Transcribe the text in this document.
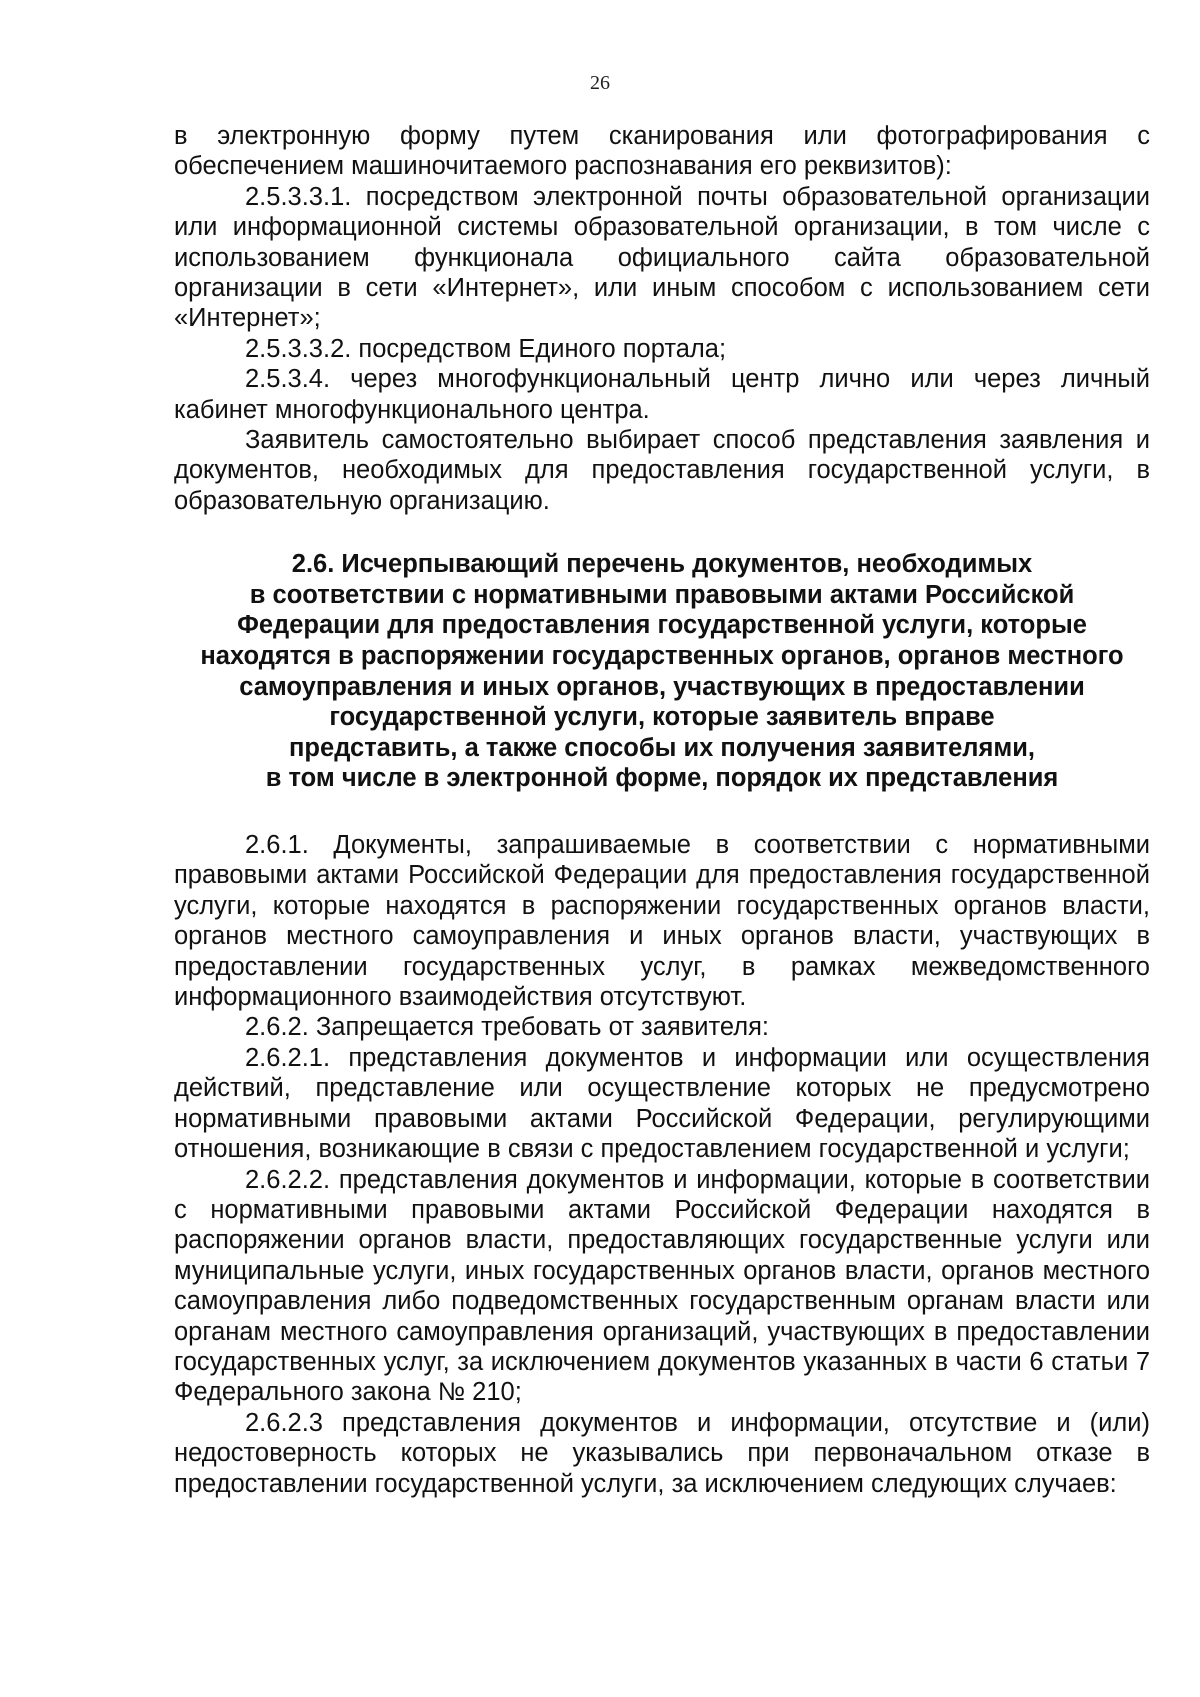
26

в электронную форму путем сканирования или фотографирования с обеспечением машиночитаемого распознавания его реквизитов):

2.5.3.3.1. посредством электронной почты образовательной организации или информационной системы образовательной организации, в том числе с использованием функционала официального сайта образовательной организации в сети «Интернет», или иным способом с использованием сети «Интернет»;

2.5.3.3.2. посредством Единого портала;

2.5.3.4. через многофункциональный центр лично или через личный кабинет многофункционального центра.

Заявитель самостоятельно выбирает способ представления заявления и документов, необходимых для предоставления государственной услуги, в образовательную организацию.

2.6. Исчерпывающий перечень документов, необходимых
в соответствии с нормативными правовыми актами Российской
Федерации для предоставления государственной услуги, которые
находятся в распоряжении государственных органов, органов местного
самоуправления и иных органов, участвующих в предоставлении
государственной услуги, которые заявитель вправе
представить, а также способы их получения заявителями,
в том числе в электронной форме, порядок их представления

2.6.1. Документы, запрашиваемые в соответствии с нормативными правовыми актами Российской Федерации для предоставления государственной услуги, которые находятся в распоряжении государственных органов власти, органов местного самоуправления и иных органов власти, участвующих в предоставлении государственных услуг, в рамках межведомственного информационного взаимодействия отсутствуют.

2.6.2. Запрещается требовать от заявителя:

2.6.2.1. представления документов и информации или осуществления действий, представление или осуществление которых не предусмотрено нормативными правовыми актами Российской Федерации, регулирующими отношения, возникающие в связи с предоставлением государственной и услуги;

2.6.2.2. представления документов и информации, которые в соответствии с нормативными правовыми актами Российской Федерации находятся в распоряжении органов власти, предоставляющих государственные услуги или муниципальные услуги, иных государственных органов власти, органов местного самоуправления либо подведомственных государственным органам власти или органам местного самоуправления организаций, участвующих в предоставлении государственных услуг, за исключением документов указанных в части 6 статьи 7 Федерального закона № 210;

2.6.2.3 представления документов и информации, отсутствие и (или) недостоверность которых не указывались при первоначальном отказе в предоставлении государственной услуги, за исключением следующих случаев:
